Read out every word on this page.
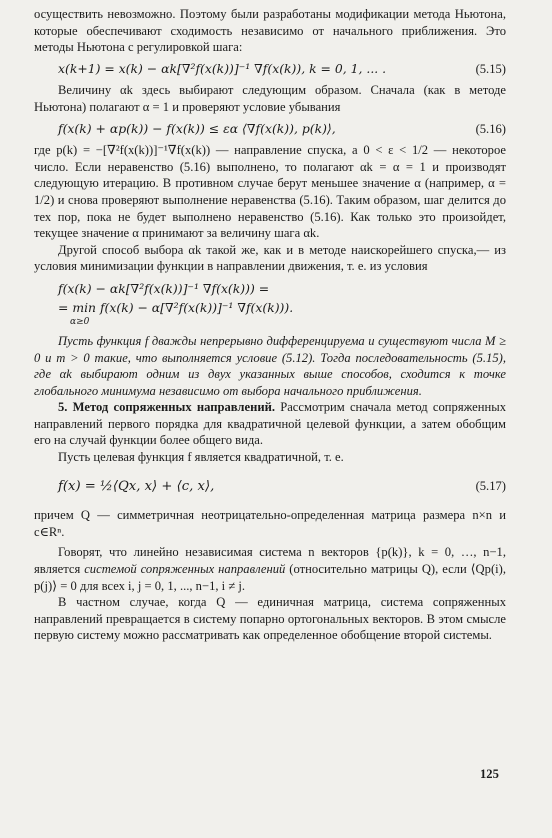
осуществить невозможно. Поэтому были разработаны модификации метода Ньютона, которые обеспечивают сходимость независимо от начального приближения. Это методы Ньютона с регулировкой шага:

x(k+1) = x(k) − αk[∇²f(x(k))]⁻¹ ∇f(x(k)), k = 0, 1, ... .	(5.15)

Величину αk здесь выбирают следующим образом. Сначала (как в методе Ньютона) полагают α = 1 и проверяют условие убывания

f(x(k) + αp(k)) − f(x(k)) ≤ εα ⟨∇f(x(k)), p(k)⟩,	(5.16)

где p(k) = −[∇²f(x(k))]⁻¹∇f(x(k)) — направление спуска, а 0 < ε < 1/2 — некоторое число. Если неравенство (5.16) выполнено, то полагают αk = α = 1 и производят следующую итерацию. В противном случае берут меньшее значение α (например, α = 1/2) и снова проверяют выполнение неравенства (5.16). Таким образом, шаг делится до тех пор, пока не будет выполнено неравенство (5.16). Как только это произойдет, текущее значение α принимают за величину шага αk.

Другой способ выбора αk такой же, как и в методе наискорейшего спуска,— из условия минимизации функции в направлении движения, т. е. из условия

f(x(k) − αk[∇²f(x(k))]⁻¹ ∇f(x(k))) =
= min f(x(k) − α[∇²f(x(k))]⁻¹ ∇f(x(k))).
α≥0

Пусть функция f дважды непрерывно дифференцируема и существуют числа M ≥ 0 и m > 0 такие, что выполняется условие (5.12). Тогда последовательность (5.15), где αk выбирают одним из двух указанных выше способов, сходится к точке глобального минимума независимо от выбора начального приближения.

5. Метод сопряженных направлений. Рассмотрим сначала метод сопряженных направлений первого порядка для квадратичной целевой функции, а затем обобщим его на случай функции более общего вида.

Пусть целевая функция f является квадратичной, т. е.

f(x) = ½⟨Qx, x⟩ + ⟨c, x⟩,	(5.17)

причем Q — симметричная неотрицательно-определенная матрица размера n×n и c∈Rⁿ.

Говорят, что линейно независимая система n векторов {p(k)}, k = 0, …, n−1, является системой сопряженных направлений (относительно матрицы Q), если ⟨Qp(i), p(j)⟩ = 0 для всех i, j = 0, 1, ..., n−1, i ≠ j.

В частном случае, когда Q — единичная матрица, система сопряженных направлений превращается в систему попарно ортогональных векторов. В этом смысле первую систему можно рассматривать как определенное обобщение второй системы.

125
